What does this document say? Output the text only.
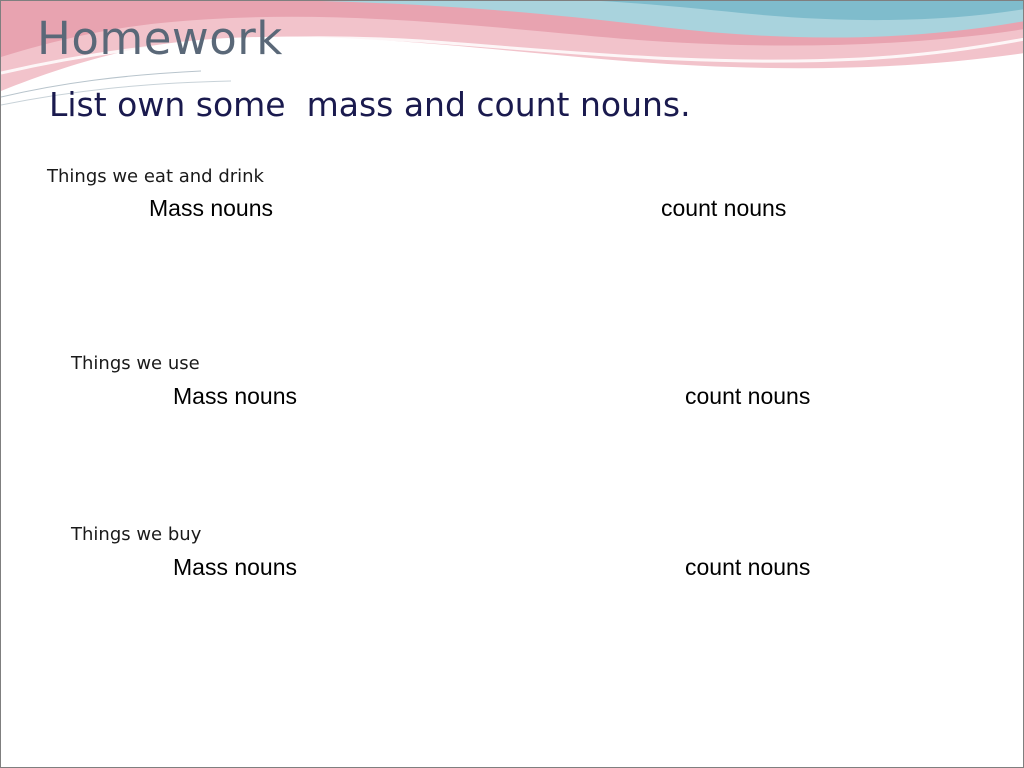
Homework

List own some  mass and count nouns.

Things we eat and drink

Mass nouns	count nouns

Things we use

Mass nouns	count nouns

Things we buy

Mass nouns	count nouns
